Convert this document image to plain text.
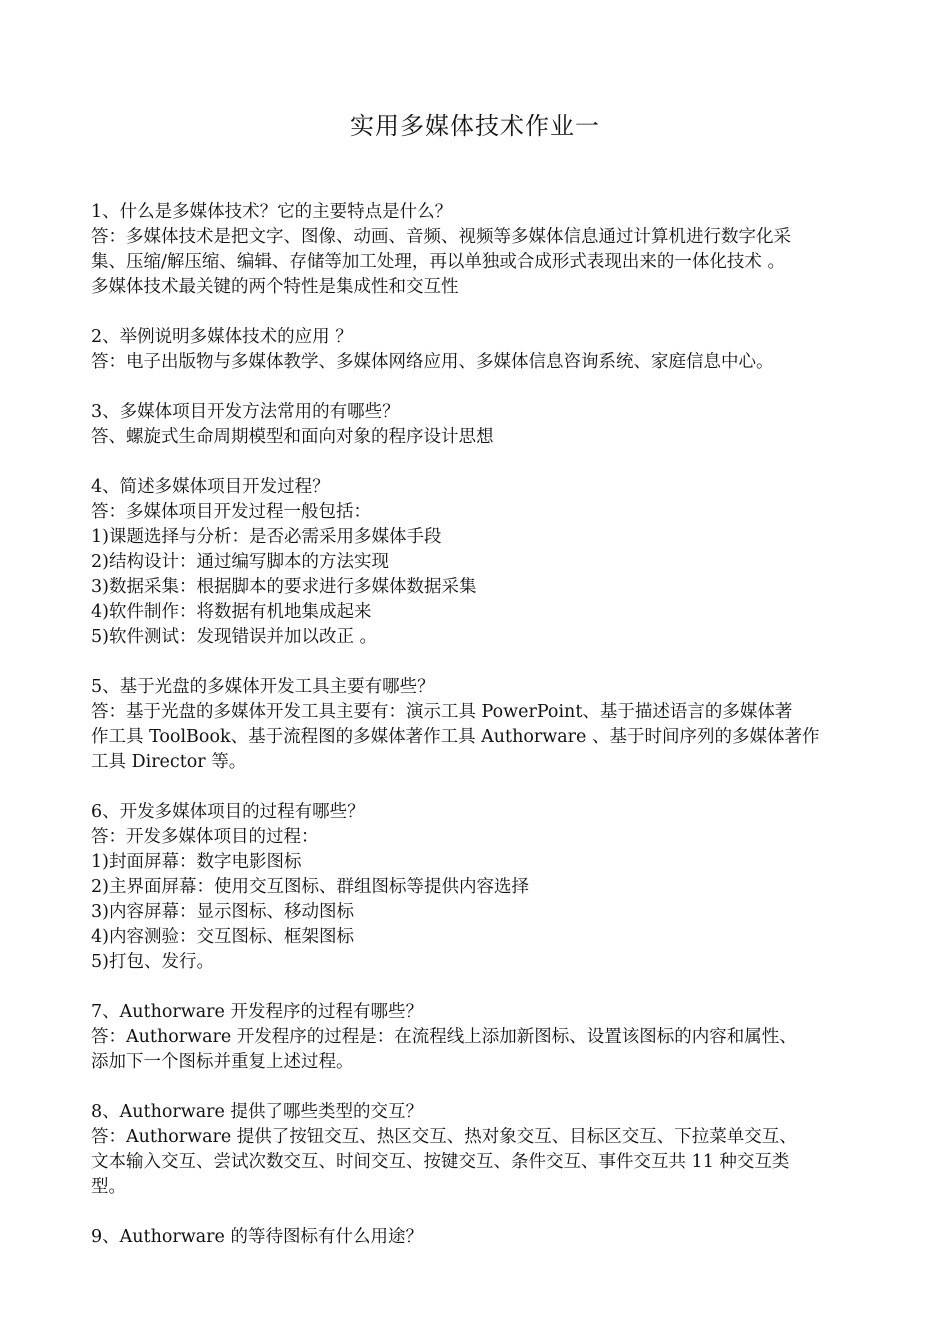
实用多媒体技术作业一
1、什么是多媒体技术？它的主要特点是什么？
答：多媒体技术是把文字、图像、动画、音频、视频等多媒体信息通过计算机进行数字化采
集、压缩/解压缩、编辑、存储等加工处理，再以单独或合成形式表现出来的一体化技术 。
多媒体技术最关键的两个特性是集成性和交互性
2、举例说明多媒体技术的应用 ？
答：电子出版物与多媒体教学、多媒体网络应用、多媒体信息咨询系统、家庭信息中心。
3、多媒体项目开发方法常用的有哪些？
答、螺旋式生命周期模型和面向对象的程序设计思想
4、简述多媒体项目开发过程？
答：多媒体项目开发过程一般包括：
1)课题选择与分析：是否必需采用多媒体手段
2)结构设计：通过编写脚本的方法实现
3)数据采集：根据脚本的要求进行多媒体数据采集
4)软件制作：将数据有机地集成起来
5)软件测试：发现错误并加以改正 。
5、基于光盘的多媒体开发工具主要有哪些？
答：基于光盘的多媒体开发工具主要有：演示工具 PowerPoint、基于描述语言的多媒体著
作工具 ToolBook、基于流程图的多媒体著作工具 Authorware 、基于时间序列的多媒体著作
工具 Director 等。
6、开发多媒体项目的过程有哪些？
答：开发多媒体项目的过程：
1)封面屏幕：数字电影图标
2)主界面屏幕：使用交互图标、群组图标等提供内容选择
3)内容屏幕：显示图标、移动图标
4)内容测验：交互图标、框架图标
5)打包、发行。
7、Authorware 开发程序的过程有哪些？
答：Authorware 开发程序的过程是：在流程线上添加新图标、设置该图标的内容和属性、
添加下一个图标并重复上述过程。
8、Authorware 提供了哪些类型的交互？
答：Authorware 提供了按钮交互、热区交互、热对象交互、目标区交互、下拉菜单交互、
文本输入交互、尝试次数交互、时间交互、按键交互、条件交互、事件交互共 11 种交互类
型。
9、Authorware 的等待图标有什么用途？
